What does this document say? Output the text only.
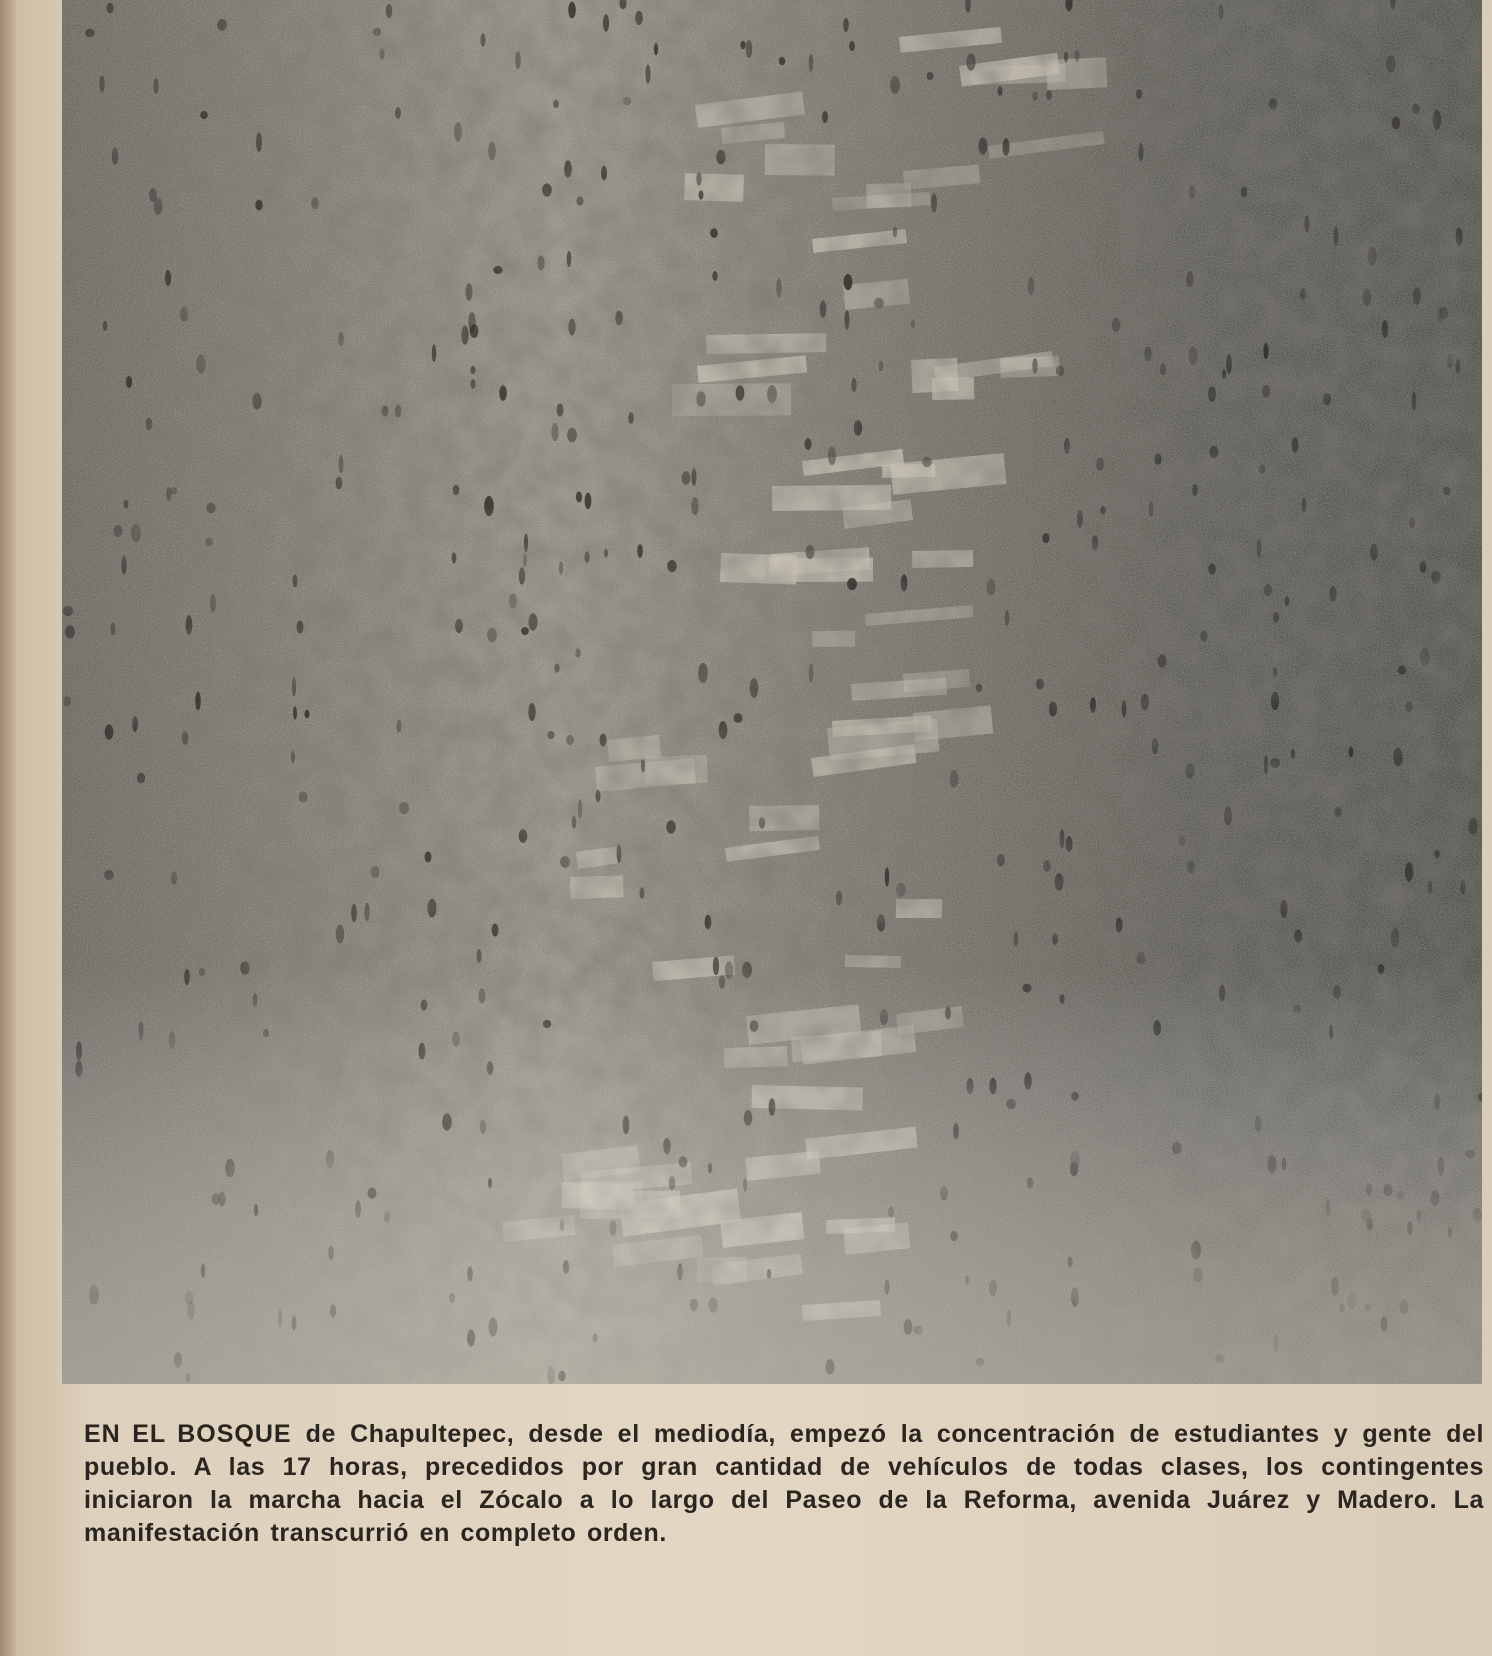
EN EL BOSQUE de Chapultepec, desde el mediodía, empezó la concentración de estudiantes y gente del pueblo. A las 17 horas, precedidos por gran cantidad de vehículos de todas clases, los contingentes iniciaron la marcha hacia el Zócalo a lo largo del Paseo de la Reforma, avenida Juárez y Madero. La manifestación transcurrió en completo orden.
